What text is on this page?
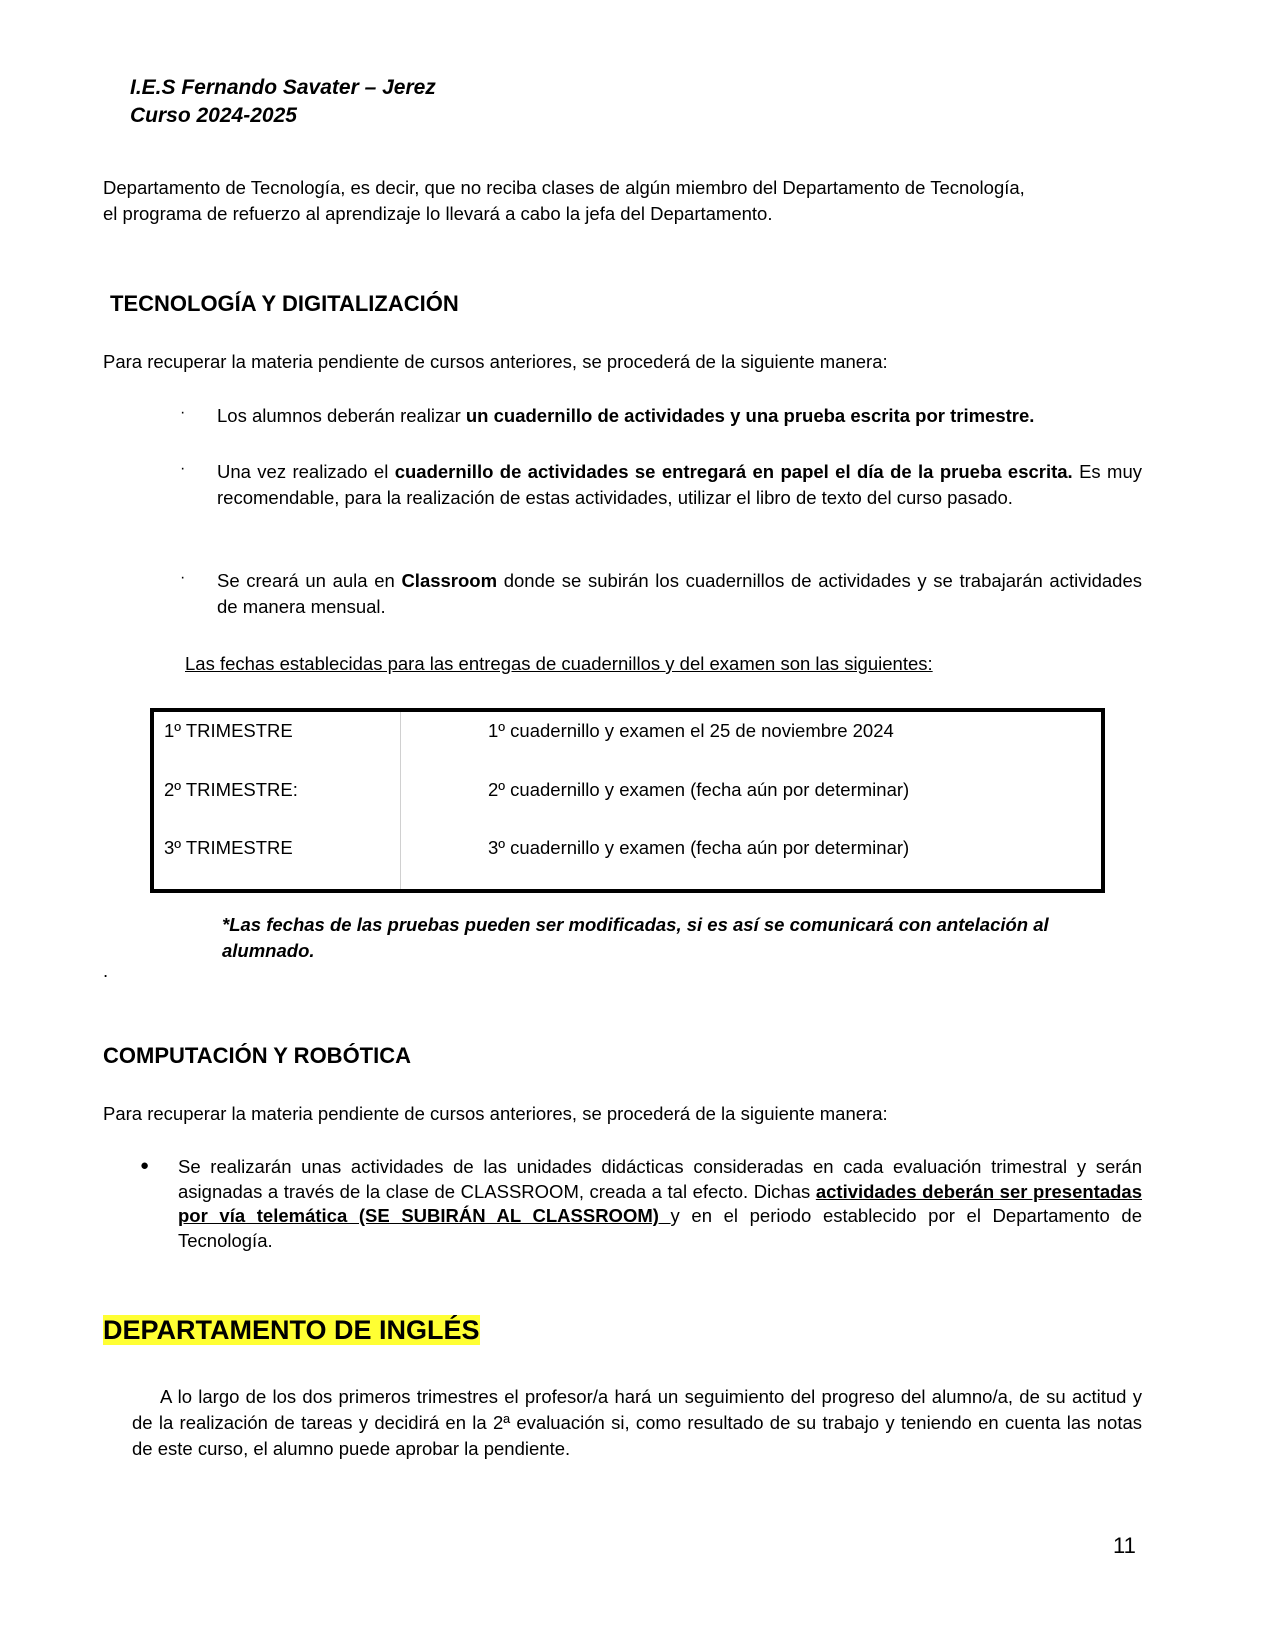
I.E.S Fernando Savater – Jerez
Curso 2024-2025
Departamento de Tecnología, es decir, que no reciba clases de algún miembro del Departamento de Tecnología,
el programa de refuerzo al aprendizaje lo llevará a cabo la jefa del Departamento.
TECNOLOGÍA Y DIGITALIZACIÓN
Para recuperar la materia pendiente de cursos anteriores, se procederá de la siguiente manera:
· Los alumnos deberán realizar un cuadernillo de actividades y una prueba escrita por trimestre.
· Una vez realizado el cuadernillo de actividades se entregará en papel el día de la prueba escrita. Es muy recomendable, para la realización de estas actividades, utilizar el libro de texto del curso pasado.
· Se creará un aula en Classroom donde se subirán los cuadernillos de actividades y se trabajarán actividades de manera mensual.
Las fechas establecidas para las entregas de cuadernillos y del examen son las siguientes:
1º TRIMESTRE	1º cuadernillo y examen el 25 de noviembre 2024
2º TRIMESTRE:	2º cuadernillo y examen (fecha aún por determinar)
3º TRIMESTRE	3º cuadernillo y examen (fecha aún por determinar)
*Las fechas de las pruebas pueden ser modificadas, si es así se comunicará con antelación al alumnado.
.
COMPUTACIÓN Y ROBÓTICA
Para recuperar la materia pendiente de cursos anteriores, se procederá de la siguiente manera:
● Se realizarán unas actividades de las unidades didácticas consideradas en cada evaluación trimestral y serán asignadas a través de la clase de CLASSROOM, creada a tal efecto. Dichas actividades deberán ser presentadas por vía telemática (SE SUBIRÁN AL CLASSROOM) y en el periodo establecido por el Departamento de Tecnología.
DEPARTAMENTO DE INGLÉS
A lo largo de los dos primeros trimestres el profesor/a hará un seguimiento del progreso del alumno/a, de su actitud y de la realización de tareas y decidirá en la 2ª evaluación si, como resultado de su trabajo y teniendo en cuenta las notas de este curso, el alumno puede aprobar la pendiente.
11
